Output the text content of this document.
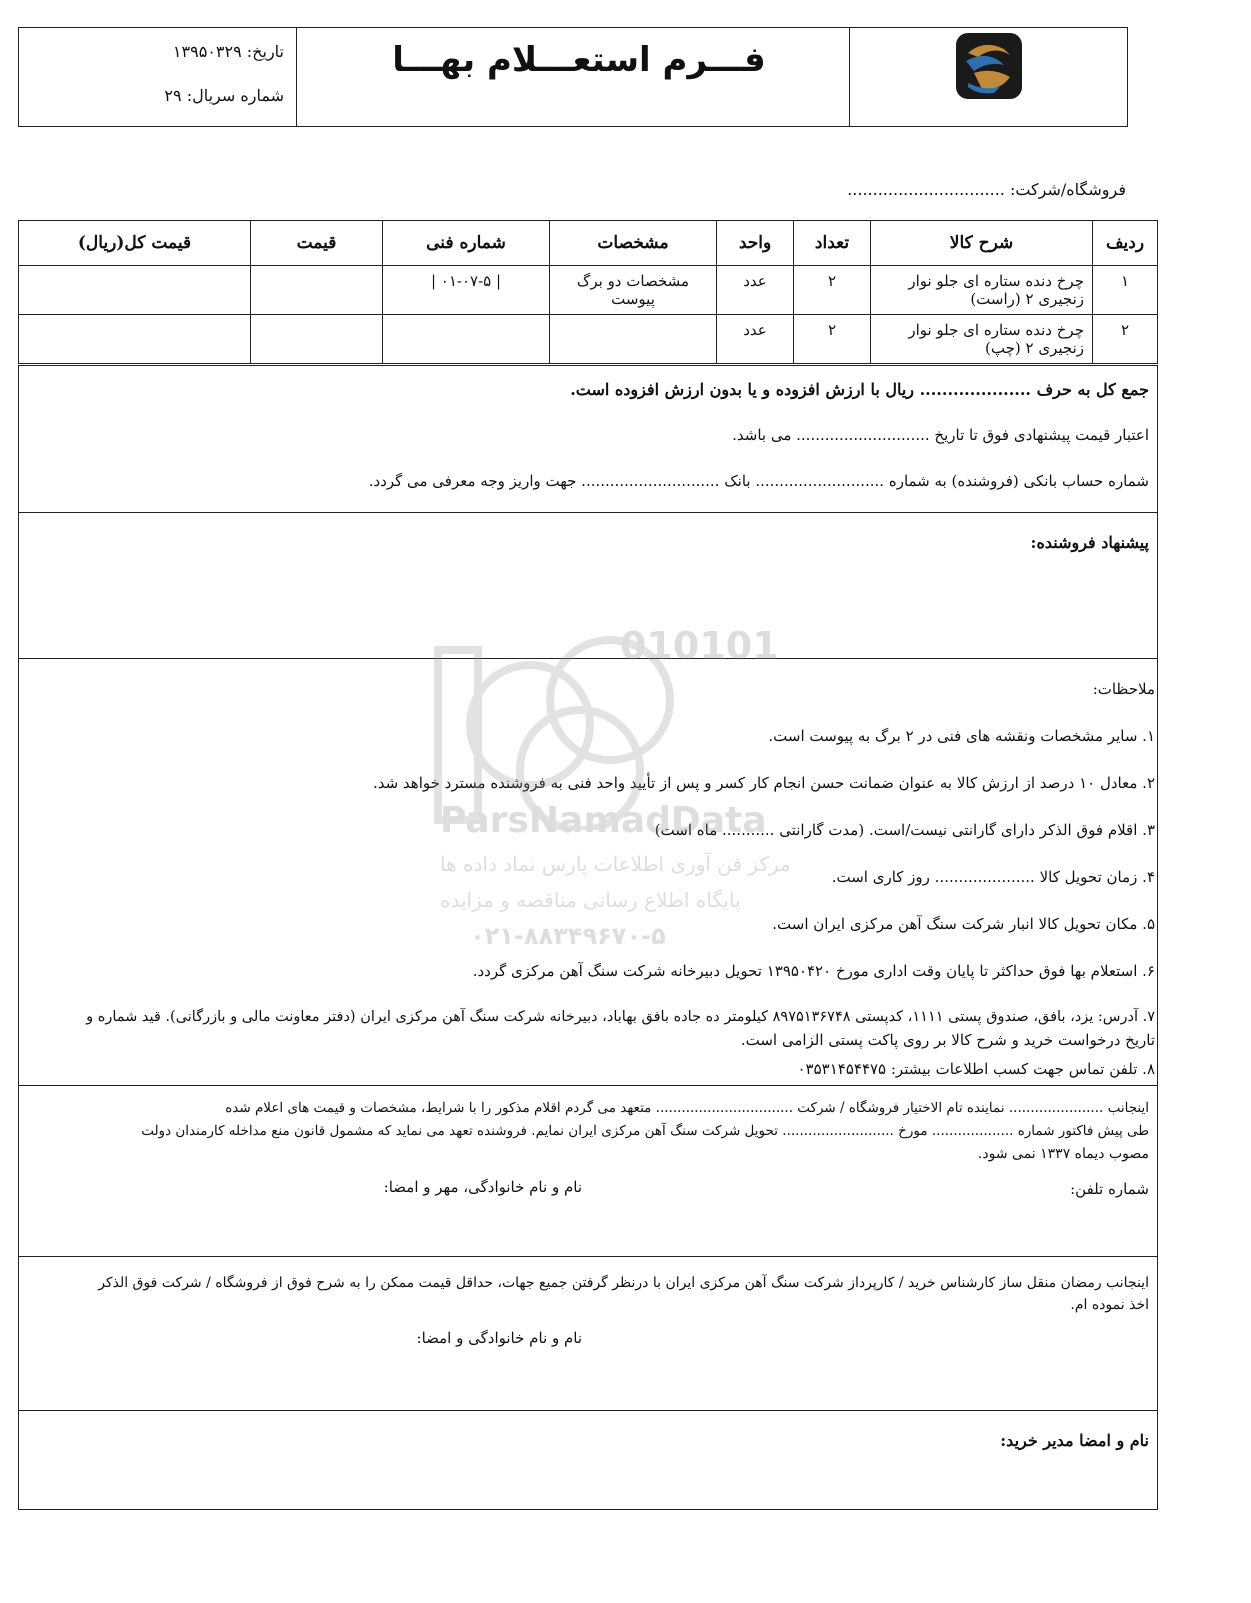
فـــرم استعـــلام بهـــا
تاریخ: ۱۳۹۵۰۳۲۹
شماره سریال: ۲۹
فروشگاه/شرکت: ...............................
ردیف	شرح کالا	تعداد	واحد	مشخصات	شماره فنی	قیمت	قیمت کل(ریال)
۱	چرخ دنده ستاره ای جلو نوار زنجیری ۲ (راست)	۲	عدد	مشخصات دو برگ پیوست	| ۰۱-۰۷-۵ |		
۲	چرخ دنده ستاره ای جلو نوار زنجیری ۲ (چپ)	۲	عدد				
جمع کل به حرف .................... ریال با ارزش افزوده و یا بدون ارزش افزوده است.
اعتبار قیمت پیشنهادی فوق تا تاریخ ............................ می باشد.
شماره حساب بانکی (فروشنده) به شماره ........................... بانک ............................. جهت واریز وجه معرفی می گردد.
پیشنهاد فروشنده:
ملاحظات:
۱. سایر مشخصات ونقشه های فنی در ۲ برگ به پیوست است.
۲. معادل ۱۰ درصد از ارزش کالا به عنوان ضمانت حسن انجام کار کسر و پس از تأیید واحد فنی به فروشنده مسترد خواهد شد.
۳. اقلام فوق الذکر دارای گارانتی نیست/است. (مدت گارانتی ........... ماه است)
۴. زمان تحویل کالا ..................... روز کاری است.
۵. مکان تحویل کالا انبار شرکت سنگ آهن مرکزی ایران است.
۶. استعلام بها فوق حداکثر تا پایان وقت اداری مورخ ۱۳۹۵۰۴۲۰ تحویل دبیرخانه شرکت سنگ آهن مرکزی گردد.
۷. آدرس: یزد، بافق، صندوق پستی ۱۱۱۱، کدپستی ۸۹۷۵۱۳۶۷۴۸ کیلومتر ده جاده بافق بهاباد، دبیرخانه شرکت سنگ آهن مرکزی ایران (دفتر معاونت مالی و بازرگانی). قید شماره و
تاریخ درخواست خرید و شرح کالا بر روی پاکت پستی الزامی است.
۸. تلفن تماس جهت کسب اطلاعات بیشتر: ۰۳۵۳۱۴۵۴۴۷۵
010101
ParsNamadData
مرکز فن آوری اطلاعات پارس نماد داده ها
پایگاه اطلاع رسانی مناقصه و مزایده
۰۲۱-۸۸۳۴۹۶۷۰-۵
اینجانب ...................... نماینده تام الاختیار فروشگاه / شرکت ................................ متعهد می گردم اقلام مذکور را با شرایط، مشخصات و قیمت های اعلام شده
طی پیش فاکتور شماره ................... مورخ .......................... تحویل شرکت سنگ آهن مرکزی ایران نمایم. فروشنده تعهد می نماید که مشمول قانون منع مداخله کارمندان دولت
مصوب دیماه ۱۳۳۷ نمی شود.
شماره تلفن:
نام و نام خانوادگی، مهر و امضا:
اینجانب رمضان منقل ساز کارشناس خرید / کارپرداز شرکت سنگ آهن مرکزی ایران با درنظر گرفتن جمیع جهات، حداقل قیمت ممکن را به شرح فوق از فروشگاه / شرکت فوق الذکر
اخذ نموده ام.
نام و نام خانوادگی و امضا:
نام و امضا مدیر خرید:
